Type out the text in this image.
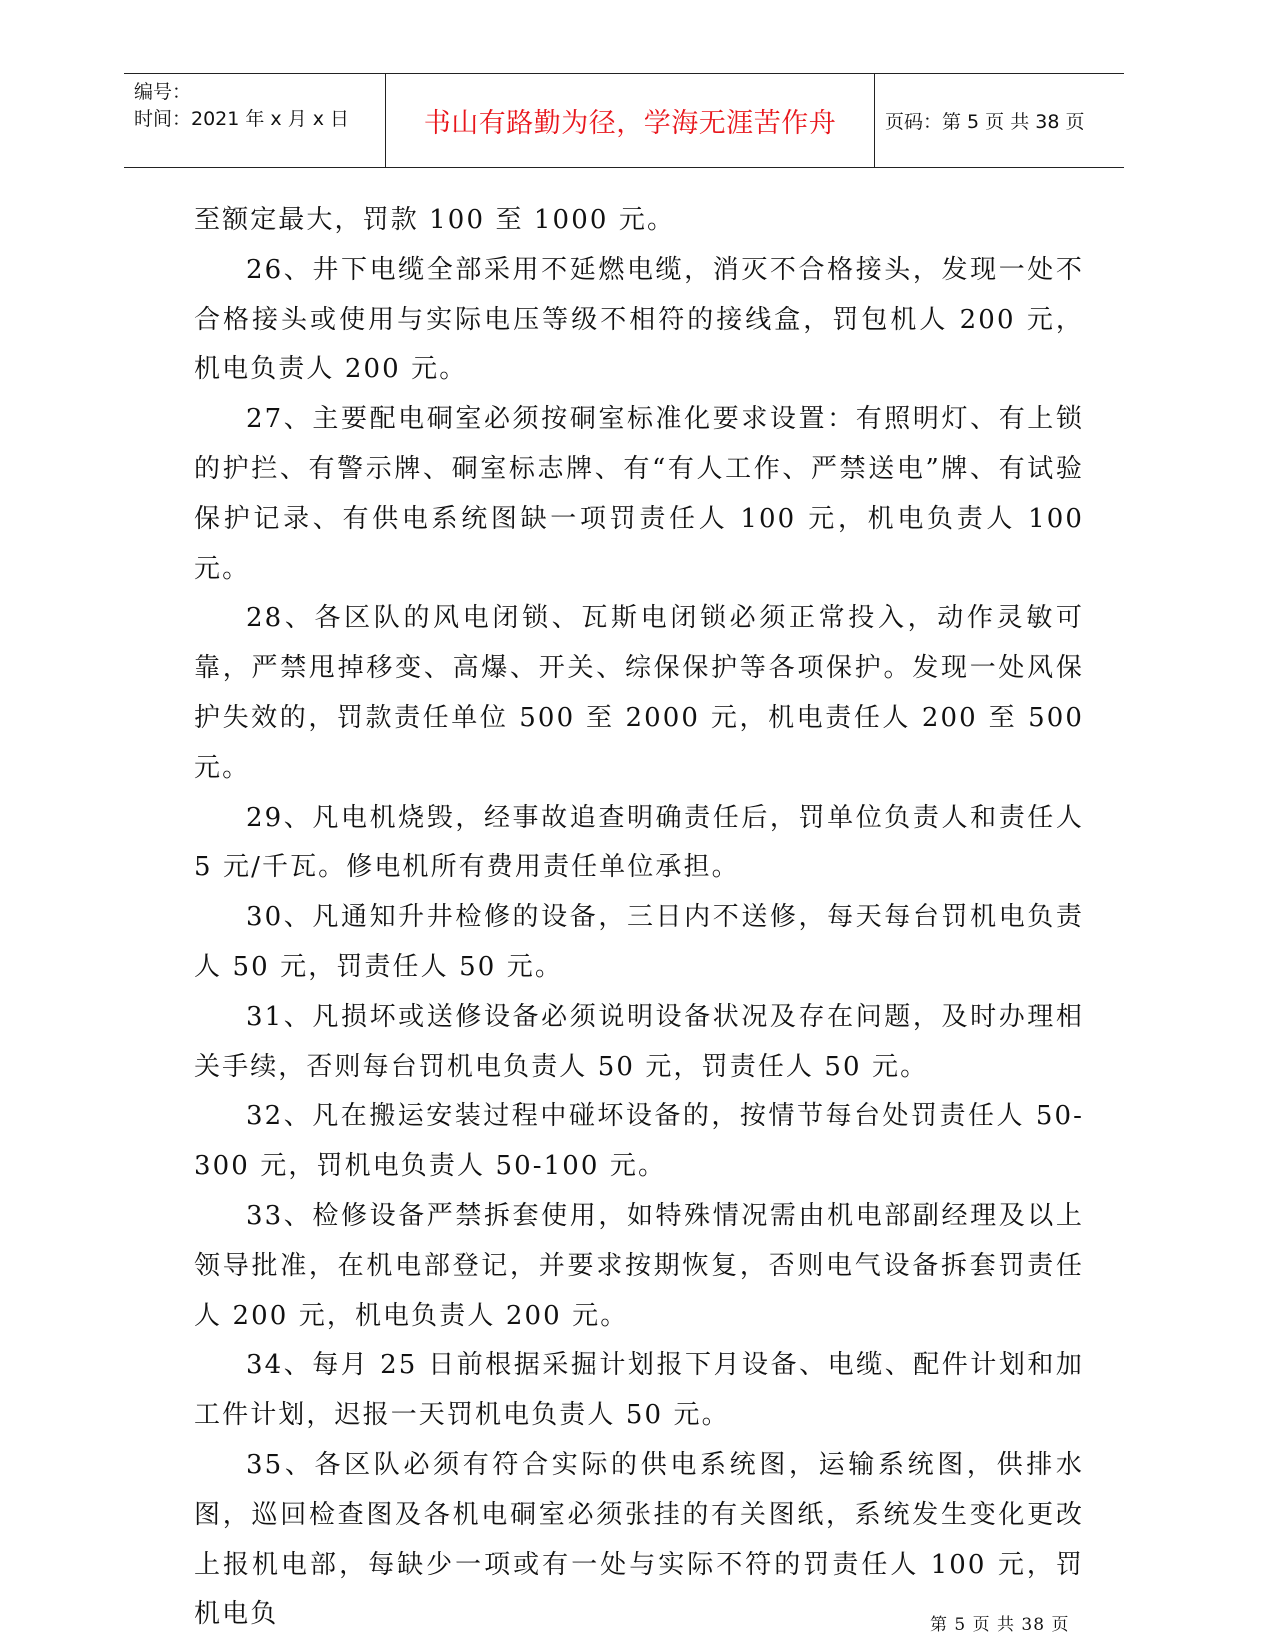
编号：
时间：2021 年 x 月 x 日	书山有路勤为径，学海无涯苦作舟	页码：第 5 页 共 38 页

至额定最大，罚款 100 至 1000 元。

26、井下电缆全部采用不延燃电缆，消灭不合格接头，发现一处不合格接头或使用与实际电压等级不相符的接线盒，罚包机人 200 元，机电负责人 200 元。

27、主要配电硐室必须按硐室标准化要求设置：有照明灯、有上锁的护拦、有警示牌、硐室标志牌、有“有人工作、严禁送电”牌、有试验保护记录、有供电系统图缺一项罚责任人 100 元，机电负责人 100 元。

28、各区队的风电闭锁、瓦斯电闭锁必须正常投入，动作灵敏可靠，严禁甩掉移变、高爆、开关、综保保护等各项保护。发现一处风保护失效的，罚款责任单位 500 至 2000 元，机电责任人 200 至 500 元。

29、凡电机烧毁，经事故追查明确责任后，罚单位负责人和责任人 5 元/千瓦。修电机所有费用责任单位承担。

30、凡通知升井检修的设备，三日内不送修，每天每台罚机电负责人 50 元，罚责任人 50 元。

31、凡损坏或送修设备必须说明设备状况及存在问题，及时办理相关手续，否则每台罚机电负责人 50 元，罚责任人 50 元。

32、凡在搬运安装过程中碰坏设备的，按情节每台处罚责任人 50-300 元，罚机电负责人 50-100 元。

33、检修设备严禁拆套使用，如特殊情况需由机电部副经理及以上领导批准，在机电部登记，并要求按期恢复，否则电气设备拆套罚责任人 200 元，机电负责人 200 元。

34、每月 25 日前根据采掘计划报下月设备、电缆、配件计划和加工件计划，迟报一天罚机电负责人 50 元。

35、各区队必须有符合实际的供电系统图，运输系统图，供排水图，巡回检查图及各机电硐室必须张挂的有关图纸，系统发生变化更改上报机电部，每缺少一项或有一处与实际不符的罚责任人 100 元，罚机电负	第 5 页 共 38 页
